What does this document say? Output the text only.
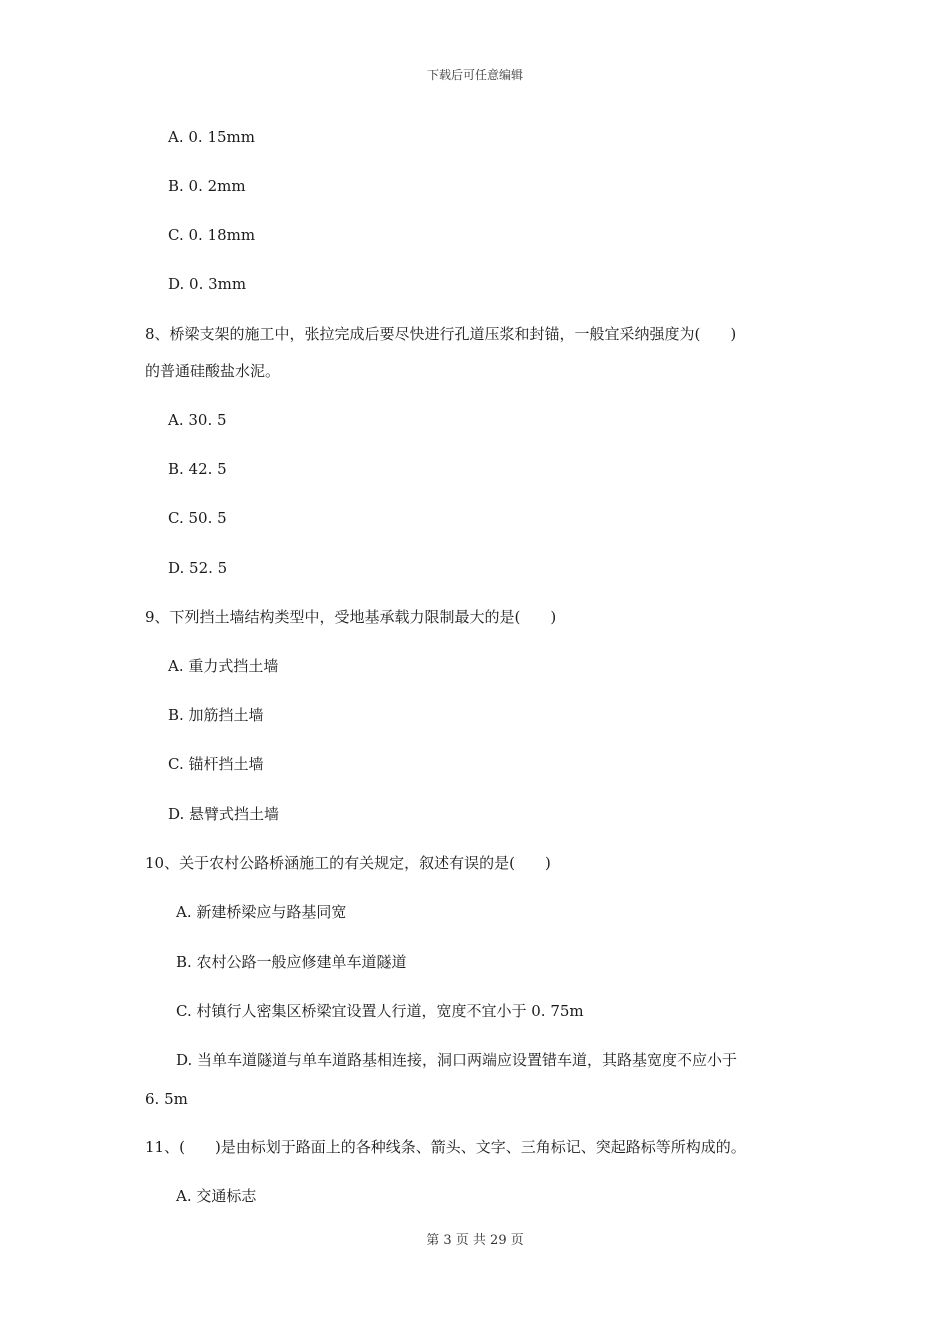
下载后可任意编辑
A. 0. 15mm
B. 0. 2mm
C. 0. 18mm
D. 0. 3mm
8、桥梁支架的施工中，张拉完成后要尽快进行孔道压浆和封锚，一般宜采纳强度为(　　)
的普通硅酸盐水泥。
A. 30. 5
B. 42. 5
C. 50. 5
D. 52. 5
9、下列挡土墙结构类型中，受地基承载力限制最大的是(　　)
A. 重力式挡土墙
B. 加筋挡土墙
C. 锚杆挡土墙
D. 悬臂式挡土墙
10、关于农村公路桥涵施工的有关规定，叙述有误的是(　　)
A. 新建桥梁应与路基同宽
B. 农村公路一般应修建单车道隧道
C. 村镇行人密集区桥梁宜设置人行道，宽度不宜小于 0. 75m
D. 当单车道隧道与单车道路基相连接，洞口两端应设置错车道，其路基宽度不应小于
6. 5m
11、(　　)是由标划于路面上的各种线条、箭头、文字、三角标记、突起路标等所构成的。
A. 交通标志
第 3 页 共 29 页
